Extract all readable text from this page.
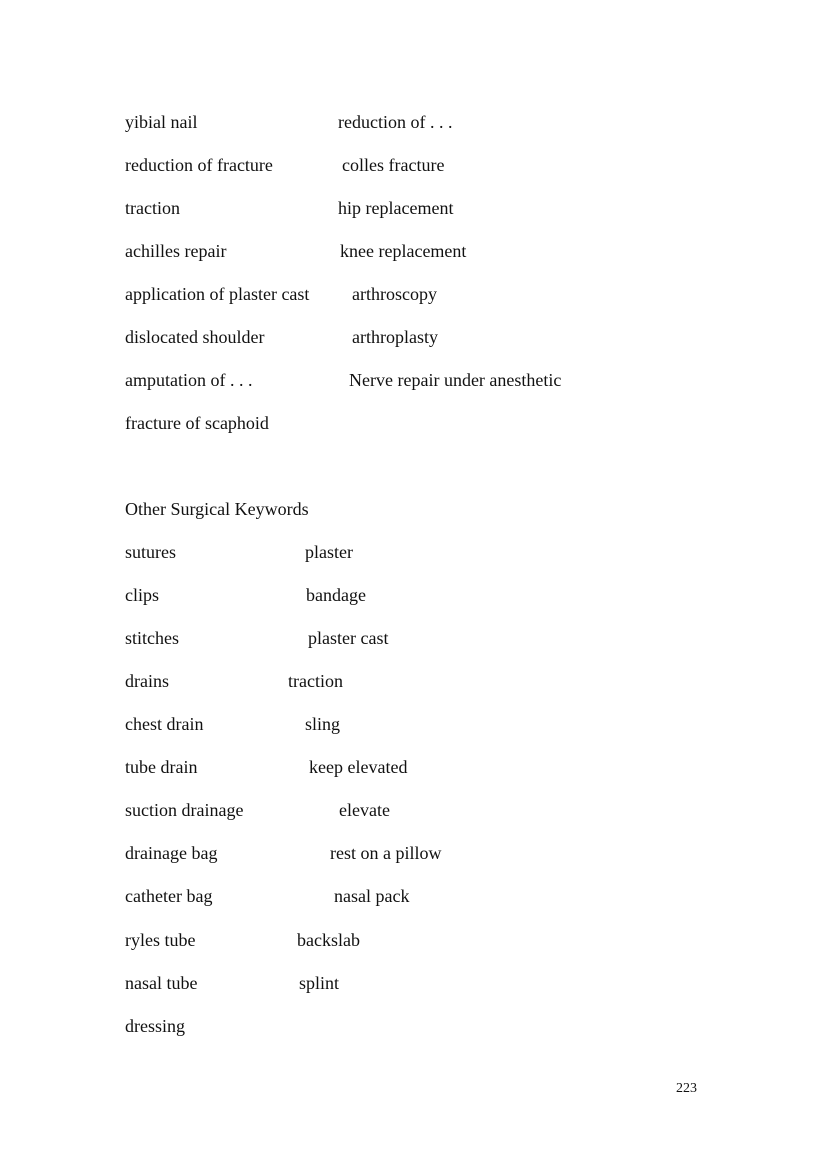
yibial nail
reduction of fracture
traction
achilles repair
application of plaster cast
dislocated shoulder
amputation of . . .
fracture of scaphoid
reduction of . . .
colles fracture
hip replacement
knee replacement
arthroscopy
arthroplasty
Nerve repair under anesthetic
Other Surgical Keywords
sutures
clips
stitches
drains
chest drain
tube drain
suction drainage
drainage bag
catheter bag
ryles tube
nasal tube
dressing
plaster
bandage
plaster cast
traction
sling
keep elevated
elevate
rest on a pillow
nasal pack
backslab
splint
223
